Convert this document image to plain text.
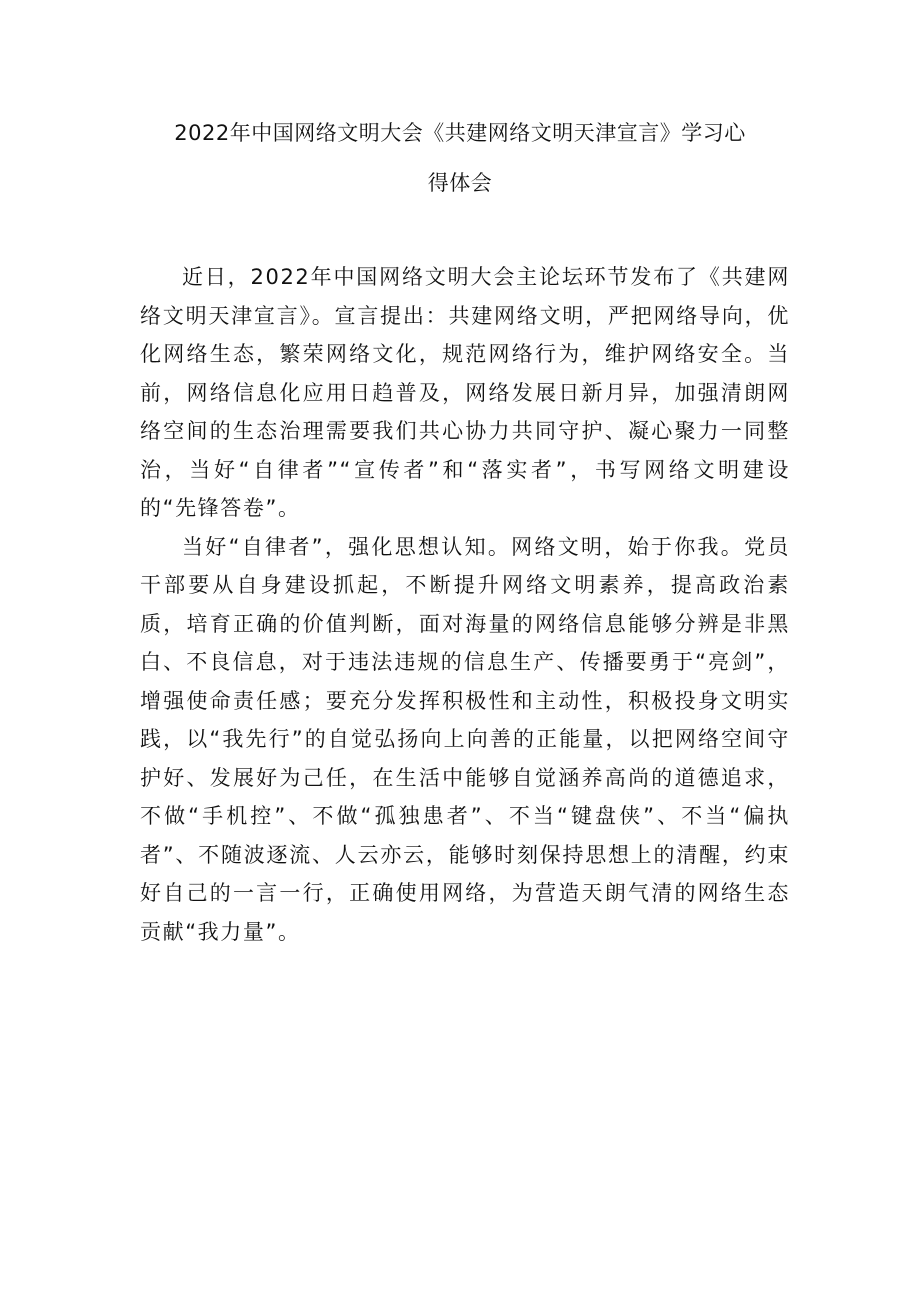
2022年中国网络文明大会《共建网络文明天津宣言》学习心
得体会

近日，2022年中国网络文明大会主论坛环节发布了《共建网络文明天津宣言》。宣言提出：共建网络文明，严把网络导向，优化网络生态，繁荣网络文化，规范网络行为，维护网络安全。当前，网络信息化应用日趋普及，网络发展日新月异，加强清朗网络空间的生态治理需要我们共心协力共同守护、凝心聚力一同整治，当好“自律者”“宣传者”和“落实者”，书写网络文明建设的“先锋答卷”。

当好“自律者”，强化思想认知。网络文明，始于你我。党员干部要从自身建设抓起，不断提升网络文明素养，提高政治素质，培育正确的价值判断，面对海量的网络信息能够分辨是非黑白、不良信息，对于违法违规的信息生产、传播要勇于“亮剑”，增强使命责任感；要充分发挥积极性和主动性，积极投身文明实践，以“我先行”的自觉弘扬向上向善的正能量，以把网络空间守护好、发展好为己任，在生活中能够自觉涵养高尚的道德追求，不做“手机控”、不做“孤独患者”、不当“键盘侠”、不当“偏执者”、不随波逐流、人云亦云，能够时刻保持思想上的清醒，约束好自己的一言一行，正确使用网络，为营造天朗气清的网络生态贡献“我力量”。
